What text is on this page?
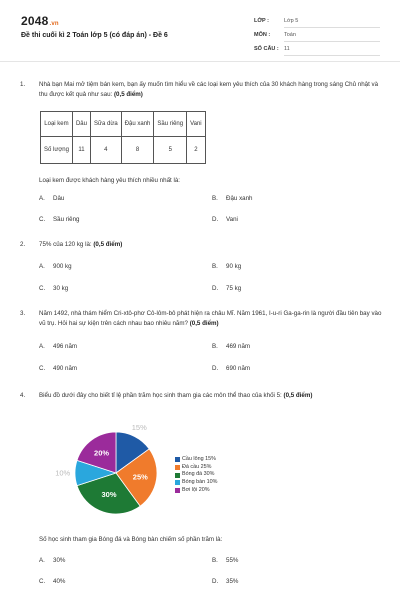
2048.vn
Đề thi cuối kì 2 Toán lớp 5 (có đáp án) - Đề 6
LỚP :	Lớp 5
MÔN :	Toán
SỐ CÂU : 11
1. Nhà bạn Mai mở tiệm bán kem, bạn ấy muốn tìm hiểu về các loại kem yêu thích của 30 khách hàng trong sáng Chủ nhật và thu được kết quả như sau: (0,5 điểm)
Loại kem	Dâu	Sữa dừa	Đậu xanh	Sầu riêng	Vani
Số lượng	11	4	8	5	2
Loại kem được khách hàng yêu thích nhiều nhất là:
A. Dâu	B. Đậu xanh
C. Sầu riêng	D. Vani
2. 75% của 120 kg là: (0,5 điểm)
A. 900 kg	B. 90 kg
C. 30 kg	D. 75 kg
3. Năm 1492, nhà thám hiểm Cri-xtô-phơ Cô-lôm-bô phát hiện ra châu Mĩ. Năm 1961, I-u-ri Ga-ga-rin là người đầu tiên bay vào vũ trụ. Hỏi hai sự kiện trên cách nhau bao nhiêu năm? (0,5 điểm)
A. 496 năm	B. 469 năm
C. 490 năm	D. 690 năm
4. Biểu đồ dưới đây cho biết tỉ lệ phần trăm học sinh tham gia các môn thể thao của khối 5: (0,5 điểm)
15%
25%
30%
10%
20%
Cầu lông 15%
Đá cầu 25%
Bóng đá 30%
Bóng bàn 10%
Bơi lội 20%
Số học sinh tham gia Bóng đá và Bóng bàn chiếm số phần trăm là:
A. 30%	B. 55%
C. 40%	D. 35%
